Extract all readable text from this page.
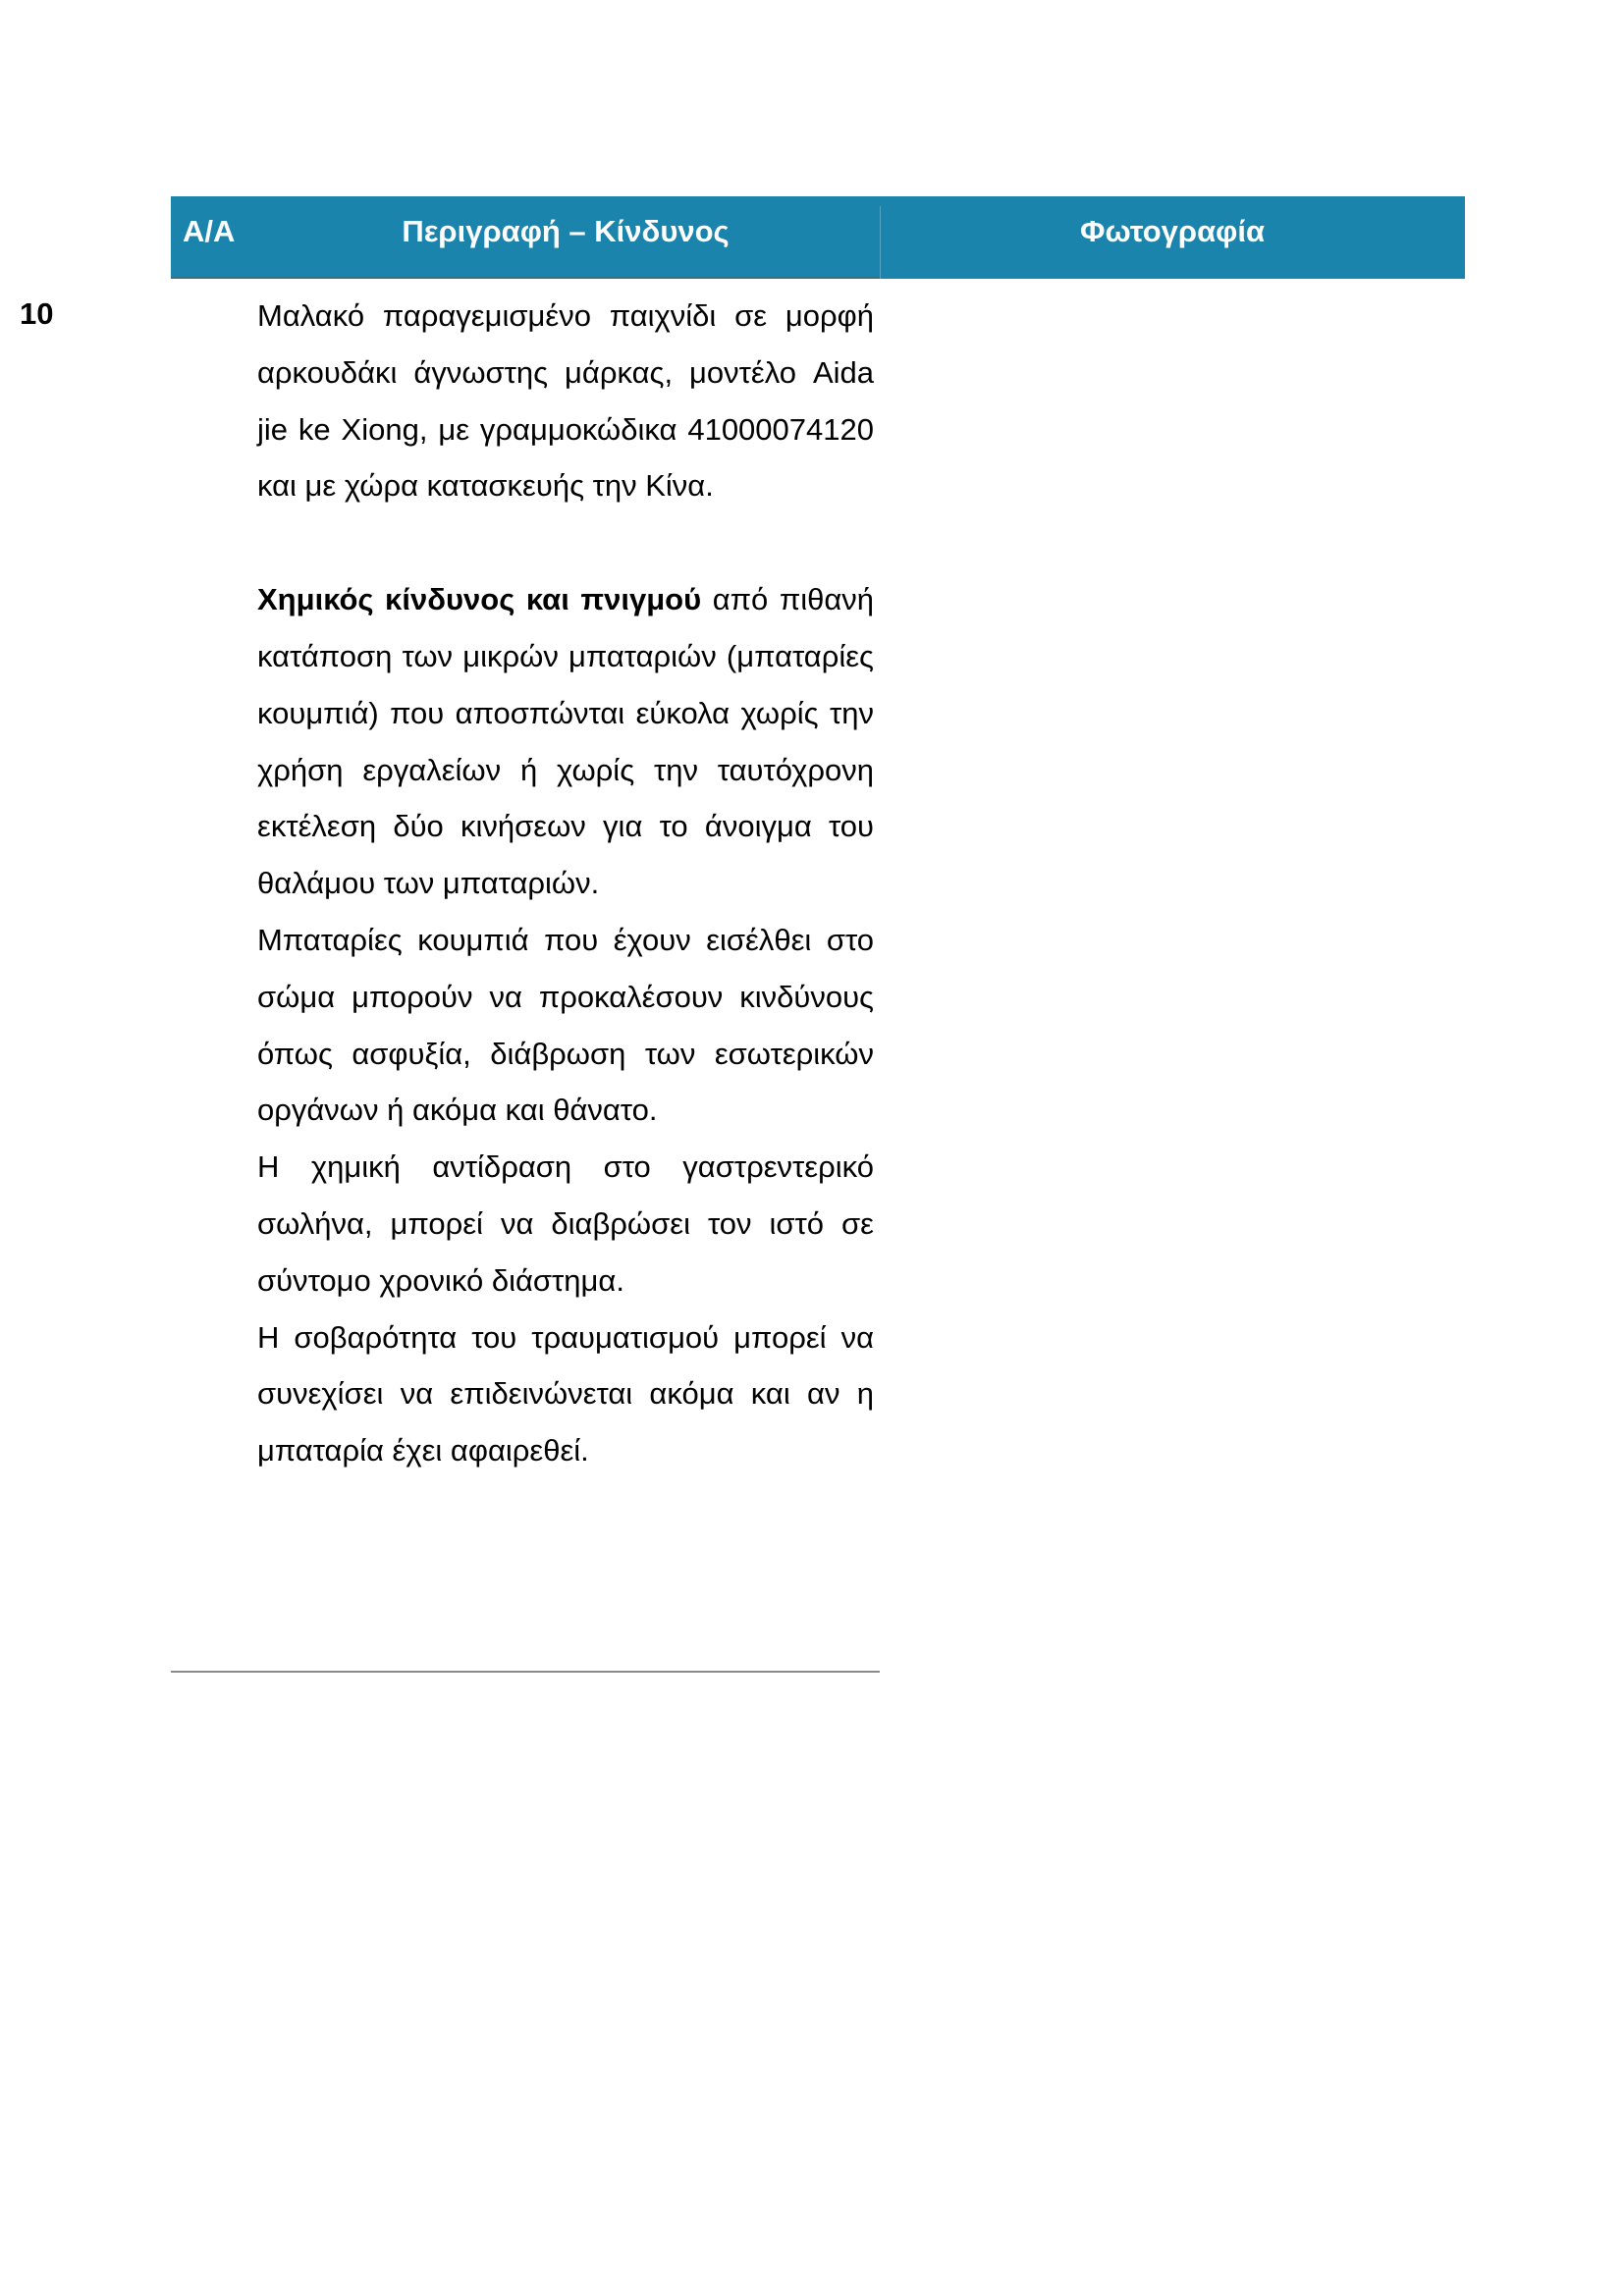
Α/Α	Περιγραφή – Κίνδυνος	Φωτογραφία
10	Μαλακό παραγεμισμένο παιχνίδι σε μορφή αρκουδάκι άγνωστης μάρκας, μοντέλο Aida jie ke Xiong, με γραμμοκώδικα 41000074120 και με χώρα κατασκευής την Κίνα.

Χημικός κίνδυνος και πνιγμού από πιθανή κατάποση των μικρών μπαταριών (μπαταρίες κουμπιά) που αποσπώνται εύκολα χωρίς την χρήση εργαλείων ή χωρίς την ταυτόχρονη εκτέλεση δύο κινήσεων για το άνοιγμα του θαλάμου των μπαταριών.

Μπαταρίες κουμπιά που έχουν εισέλθει στο σώμα μπορούν να προκαλέσουν κινδύνους όπως ασφυξία, διάβρωση των εσωτερικών οργάνων ή ακόμα και θάνατο.

Η χημική αντίδραση στο γαστρεντερικό σωλήνα, μπορεί να διαβρώσει τον ιστό σε σύντομο χρονικό διάστημα.

Η σοβαρότητα του τραυματισμού μπορεί να συνεχίσει να επιδεινώνεται ακόμα και αν η μπαταρία έχει αφαιρεθεί.
